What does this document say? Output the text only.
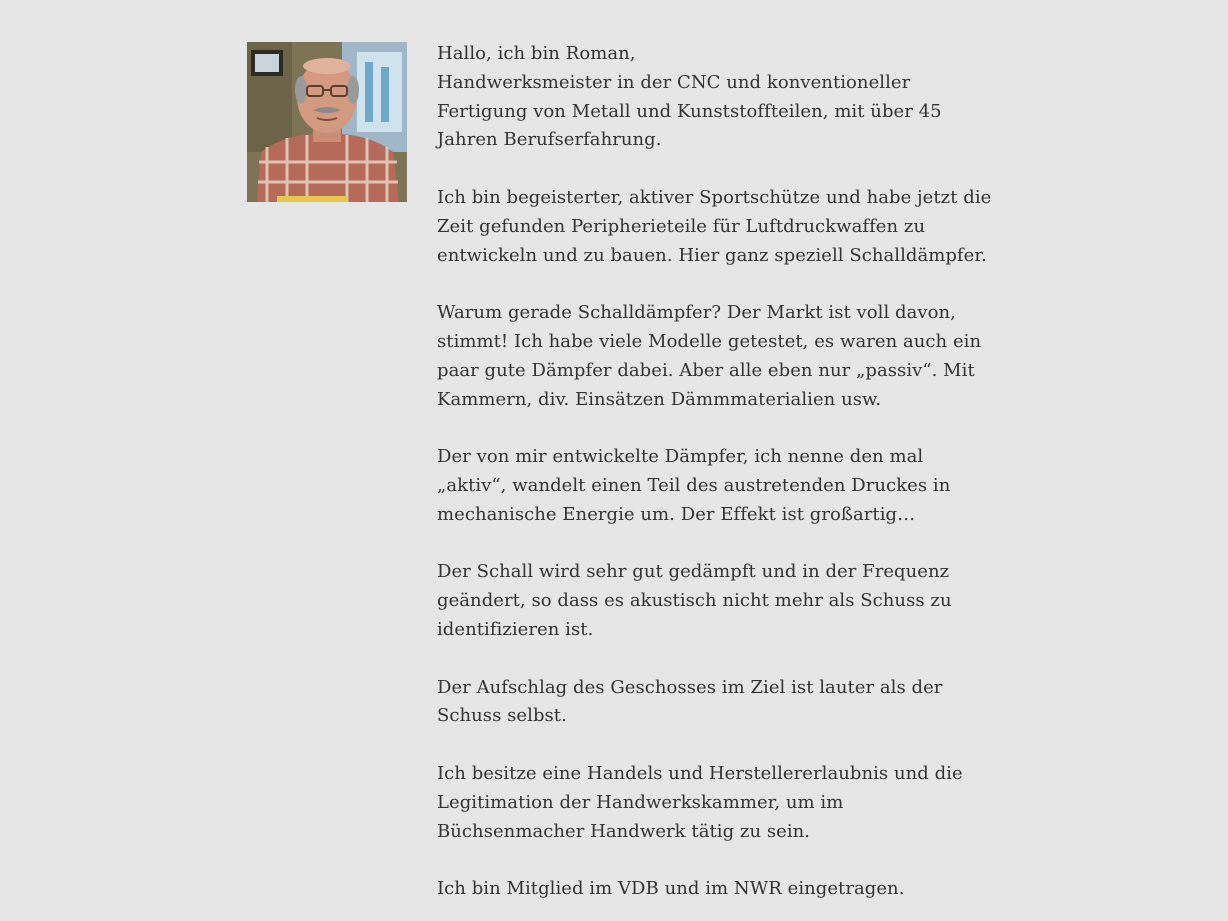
Hallo, ich bin Roman,
Handwerksmeister in der CNC und konventioneller
Fertigung von Metall und Kunststoffteilen, mit über 45
Jahren Berufserfahrung.

Ich bin begeisterter, aktiver Sportschütze und habe jetzt die
Zeit gefunden Peripherieteile für Luftdruckwaffen zu
entwickeln und zu bauen. Hier ganz speziell Schalldämpfer.

Warum gerade Schalldämpfer? Der Markt ist voll davon,
stimmt! Ich habe viele Modelle getestet, es waren auch ein
paar gute Dämpfer dabei. Aber alle eben nur „passiv“. Mit
Kammern, div. Einsätzen Dämmmaterialien usw.

Der von mir entwickelte Dämpfer, ich nenne den mal
„aktiv“, wandelt einen Teil des austretenden Druckes in
mechanische Energie um. Der Effekt ist großartig…

Der Schall wird sehr gut gedämpft und in der Frequenz
geändert, so dass es akustisch nicht mehr als Schuss zu
identifizieren ist.

Der Aufschlag des Geschosses im Ziel ist lauter als der
Schuss selbst.

Ich besitze eine Handels und Herstellererlaubnis und die
Legitimation der Handwerkskammer, um im
Büchsenmacher Handwerk tätig zu sein.

Ich bin Mitglied im VDB und im NWR eingetragen.
